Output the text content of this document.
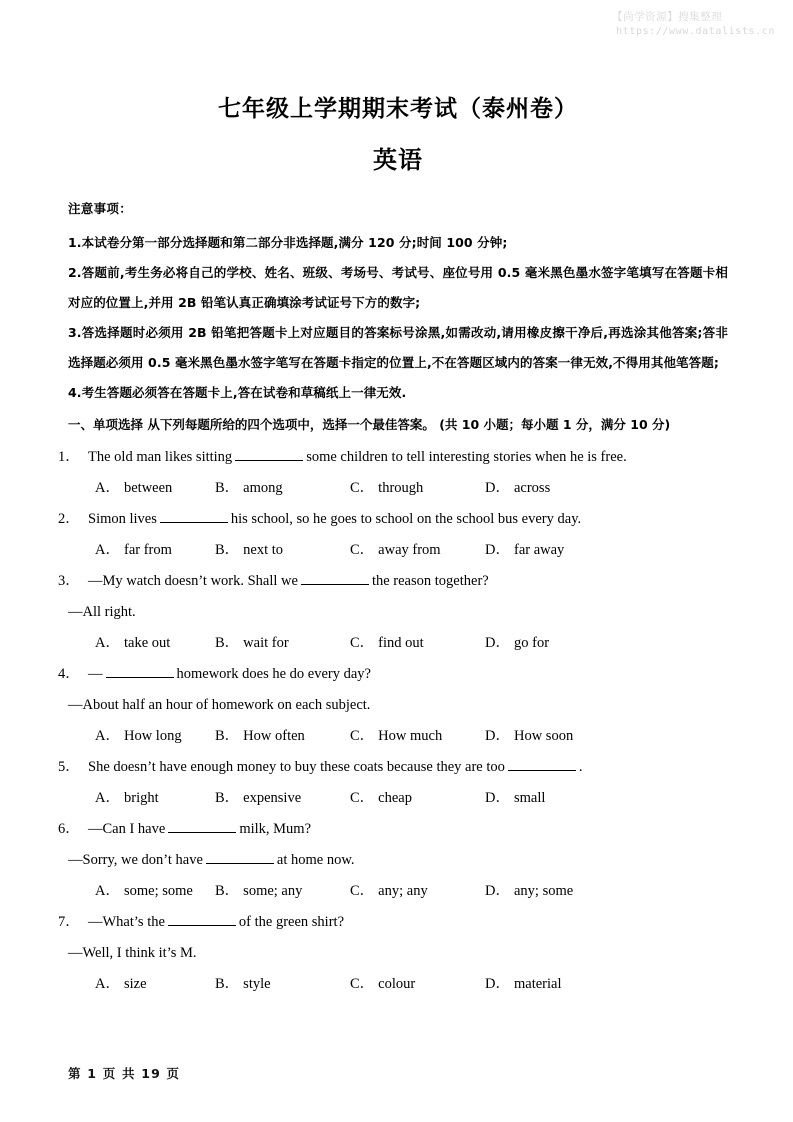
【尚学资源】搜集整理
https://www.datalists.cn
七年级上学期期末考试（泰州卷）
英语

注意事项：

1.本试卷分第一部分选择题和第二部分非选择题,满分 120 分;时间 100 分钟;

2.答题前,考生务必将自己的学校、姓名、班级、考场号、考试号、座位号用 0.5 毫米黑色墨水签字笔填写在答题卡相对应的位置上,并用 2B 铅笔认真正确填涂考试证号下方的数字;

3.答选择题时必须用 2B 铅笔把答题卡上对应题目的答案标号涂黑,如需改动,请用橡皮擦干净后,再选涂其他答案;答非选择题必须用 0.5 毫米黑色墨水签字笔写在答题卡指定的位置上,不在答题区域内的答案一律无效,不得用其他笔答题;

4.考生答题必须答在答题卡上,答在试卷和草稿纸上一律无效.

一、单项选择 从下列每题所给的四个选项中，选择一个最佳答案。 (共 10 小题；每小题 1 分，满分 10 分)

1． The old man likes sitting	some children to tell interesting stories when he is free.

A． between	B． among	C． through	D． across

2． Simon lives	his school, so he goes to school on the school bus every day.

A． far from	B． next to	C． away from	D． far away

3． —My watch doesn’t work. Shall we	the reason together?

—All right.

A． take out	B． wait for	C． find out	D． go for

4． —	homework does he do every day?

—About half an hour of homework on each subject.

A． How long B． How often	C． How much	D． How soon

5． She doesn’t have enough money to buy these coats because they are too	.

A． bright	B． expensive	C． cheap	D． small

6． —Can I have	milk, Mum?

—Sorry, we don’t have	at home now.

A． some; some B． some; any	C． any; any	D． any; some

7． —What’s the	of the green shirt?

—Well, I think it’s M.

A． size	B． style	C． colour	D． material
第 1 页 共 19 页
